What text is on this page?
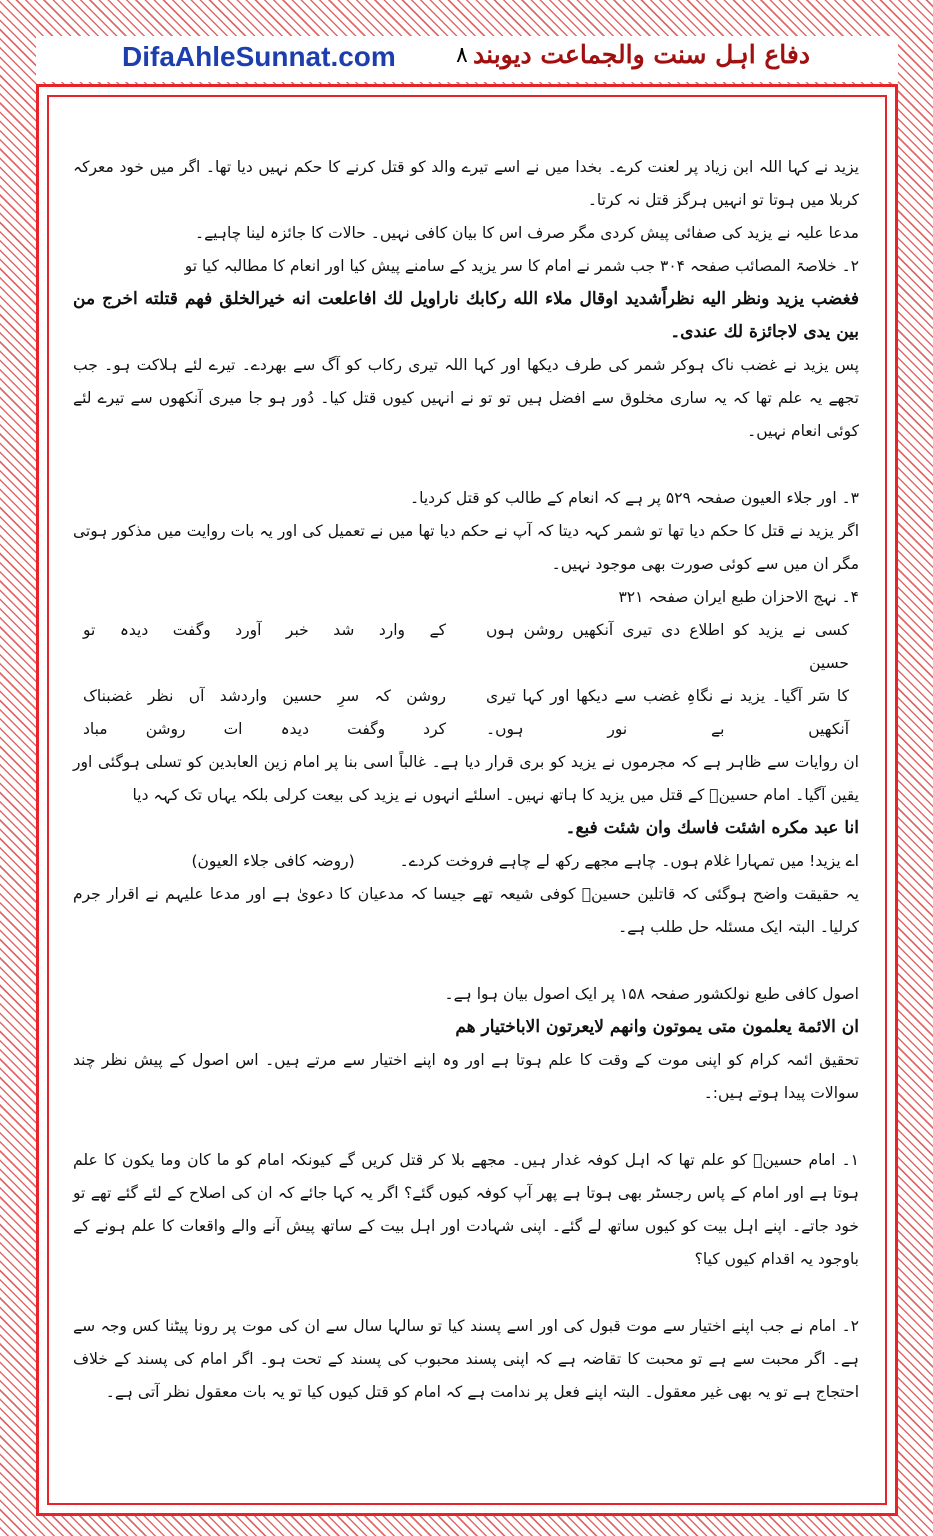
DifaAhleSunnat.com	۸ دفاع اہل سنت والجماعت دیوبند

یزید نے کہا اللہ ابن زیاد پر لعنت کرے۔ بخدا میں نے اسے تیرے والد کو قتل کرنے کا حکم نہیں دیا تھا۔ اگر میں خود معرکہ کربلا میں ہوتا تو انہیں ہرگز قتل نہ کرتا۔

مدعا علیہ نے یزید کی صفائی پیش کردی مگر صرف اس کا بیان کافی نہیں۔ حالات کا جائزہ لینا چاہیے۔

۲۔ خلاصۃ المصائب صفحہ ۳۰۴ جب شمر نے امام کا سر یزید کے سامنے پیش کیا اور انعام کا مطالبہ کیا تو

فغضب يزيد ونظر اليه نظراًشديد اوقال ملاء الله ركابك ناراويل لك افاعلعت انه خيرالخلق فهم قتلته اخرج من بين يدى لاجائزة لك عندى۔

پس یزید نے غضب ناک ہوکر شمر کی طرف دیکھا اور کہا اللہ تیری رکاب کو آگ سے بھردے۔ تیرے لئے ہلاکت ہو۔ جب تجھے یہ علم تھا کہ یہ ساری مخلوق سے افضل ہیں تو تو نے انہیں کیوں قتل کیا۔ دُور ہو جا میری آنکھوں سے تیرے لئے کوئی انعام نہیں۔

۳۔ اور جلاء العیون صفحہ ۵۲۹ پر ہے کہ انعام کے طالب کو قتل کردیا۔

اگر یزید نے قتل کا حکم دیا تھا تو شمر کہہ دیتا کہ آپ نے حکم دیا تھا میں نے تعمیل کی اور یہ بات روایت میں مذکور ہوتی مگر ان میں سے کوئی صورت بھی موجود نہیں۔

۴۔ نہج الاحزان طبع ایران صفحہ ۳۲۱

کسی نے یزید کو اطلاع دی تیری آنکھیں روشن ہوں حسین
کے وارد شد خبر آورد وگفت دیدہ تو
کا سَر آگیا۔ یزید نے نگاہِ غضب سے دیکھا اور کہا تیری
روشن کہ سرِ حسین واردشد آں نظر غضبناک
آنکھیں بے نور ہوں۔
کرد وگفت دیدہ ات روشن مباد

ان روایات سے ظاہر ہے کہ مجرموں نے یزید کو بری قرار دیا ہے۔ غالباً اسی بنا پر امام زین العابدین کو تسلی ہوگئی اور یقین آگیا۔ امام حسینؓ کے قتل میں یزید کا ہاتھ نہیں۔ اسلئے انہوں نے یزید کی بیعت کرلی بلکہ یہاں تک کہہ دیا

انا عبد مكره اشئت فاسك وان شئت فبع۔

اے یزید! میں تمہارا غلام ہوں۔ چاہے مجھے رکھ لے چاہے فروخت کردے۔ (روضہ کافی جلاء العیون)

یہ حقیقت واضح ہوگئی کہ قاتلین حسینؓ کوفی شیعہ تھے جیسا کہ مدعیان کا دعویٰ ہے اور مدعا علیہم نے اقرار جرم کرلیا۔ البتہ ایک مسئلہ حل طلب ہے۔

اصول کافی طبع نولکشور صفحہ ۱۵۸ پر ایک اصول بیان ہوا ہے۔

ان الائمة يعلمون متى يموتون وانهم لايعرتون الاباختيار هم

تحقیق ائمہ کرام کو اپنی موت کے وقت کا علم ہوتا ہے اور وہ اپنے اختیار سے مرتے ہیں۔ اس اصول کے پیش نظر چند سوالات پیدا ہوتے ہیں:۔

۱۔ امام حسینؓ کو علم تھا کہ اہل کوفہ غدار ہیں۔ مجھے بلا کر قتل کریں گے کیونکہ امام کو ما کان وما یکون کا علم ہوتا ہے اور امام کے پاس رجسٹر بھی ہوتا ہے پھر آپ کوفہ کیوں گئے؟ اگر یہ کہا جائے کہ ان کی اصلاح کے لئے گئے تھے تو خود جاتے۔ اپنے اہل بیت کو کیوں ساتھ لے گئے۔ اپنی شہادت اور اہل بیت کے ساتھ پیش آنے والے واقعات کا علم ہونے کے باوجود یہ اقدام کیوں کیا؟

۲۔ امام نے جب اپنے اختیار سے موت قبول کی اور اسے پسند کیا تو سالہا سال سے ان کی موت پر رونا پیٹنا کس وجہ سے ہے۔ اگر محبت سے ہے تو محبت کا تقاضہ ہے کہ اپنی پسند محبوب کی پسند کے تحت ہو۔ اگر امام کی پسند کے خلاف احتجاج ہے تو یہ بھی غیر معقول۔ البتہ اپنے فعل پر ندامت ہے کہ امام کو قتل کیوں کیا تو یہ بات معقول نظر آتی ہے۔
